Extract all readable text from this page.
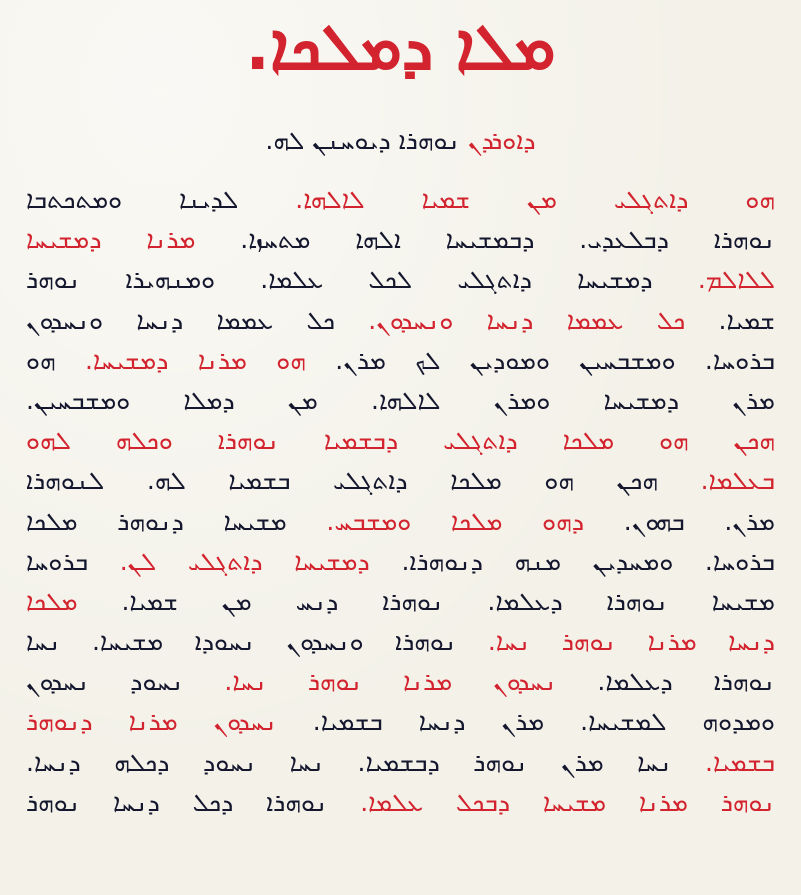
ܡܠܐ ܕܡܠܟܐ.
ܕܐܘܪܕܢ ܢܘܗܪܐ ܕܝܘܚܢܢ ܠܗ.
ܗܘ ܕܐܬܓܠܝ ܡܢ ܫܡܝܐ ܠܐܠܗܐ. ܠܕܝܢܐ ܘܡܬܟܬܒܐ
ܢܘܗܪܐ ܕܒܠܥܕܝ. ܕܒܡܫܝܚܐ ܐܠܗܐ ܡܬܚܙܐ. ܡܪܢܐ ܕܡܫܝܚܐ
ܠܠܐܠܡ. ܕܡܫܝܚܐ ܕܐܬܓܠܝ ܠܟܠ ܥܠܡܐ. ܘܡܢܗܝܪܐ ܢܘܗܪ
ܫܡܝܐ. ܟܠ ܥܡܡܐ ܕܢܚܐ ܘܢܚܕܘܢ. ܟܠ ܥܡܡܐ ܕܢܚܐ ܘܢܚܕܘܢ
ܒܪܘܚܐ. ܘܡܫܒܚܝܢ ܘܡܘܕܝܢ ܠܟ ܡܪܢ. ܗܘ ܡܪܢܐ ܕܡܫܝܚܐ. ܗܘ
ܡܪܢ ܕܡܫܝܚܐ ܘܡܪܢ ܠܐܠܗܐ. ܡܢ ܕܡܠܐ ܘܡܫܒܚܝܢ.
ܗܟܢ ܗܘ ܡܠܟܐ ܕܐܬܓܠܝ ܕܒܫܡܝܐ ܢܘܗܪܐ ܘܟܠܗ ܠܗܘ
ܒܥܠܡܐ. ܗܟܢ ܗܘ ܡܠܟܐ ܕܐܬܓܠܝ ܒܫܡܝܐ ܠܗ. ܠܢܘܗܪܐ
ܡܪܢ. ܒܗܘܢ. ܕܗܘ ܡܠܟܐ ܘܡܫܒܚ. ܡܫܝܚܐ ܕܢܘܗܪ ܡܠܟܐ
ܒܪܘܚܐ. ܘܡܚܕܝܢ ܡܢܗ ܕܢܘܗܪܐ. ܕܡܫܝܚܐ ܕܐܬܓܠܝ ܠܢ. ܒܪܘܚܐ
ܡܫܝܚܐ ܢܘܗܪܐ ܕܥܠܡܐ. ܢܘܗܪܐ ܕܢܚ ܡܢ ܫܡܝܐ. ܡܠܟܐ
ܕܢܚܐ ܡܪܢܐ ܢܘܗܪ ܢܚܐ. ܢܘܗܪܐ ܘܢܚܕܘܢ ܢܚܘܕܐ ܡܫܝܚܐ. ܢܚܐ
ܢܘܗܪܐ ܕܥܠܡܐ. ܢܚܕܘܢ ܡܪܢܐ ܢܘܗܪ ܢܚܐ. ܢܚܘܕ ܢܚܕܘܢ
ܘܡܕܘܗ ܠܡܫܝܚܐ. ܡܪܢ ܕܢܚܐ ܒܫܡܝܐ. ܢܚܕܘܢ ܡܪܢܐ ܕܢܘܗܪ
ܒܫܡܝܐ. ܢܚܐ ܡܪܢ ܢܘܗܪ ܕܒܫܡܝܐ. ܢܚܐ ܢܚܘܕ ܕܟܠܗ ܕܢܚܐ.
ܢܘܗܪ ܡܪܢܐ ܡܫܝܚܐ ܕܒܟܠ ܥܠܡܐ. ܢܘܗܪܐ ܕܟܠ ܕܢܚܐ ܢܘܗܪ
